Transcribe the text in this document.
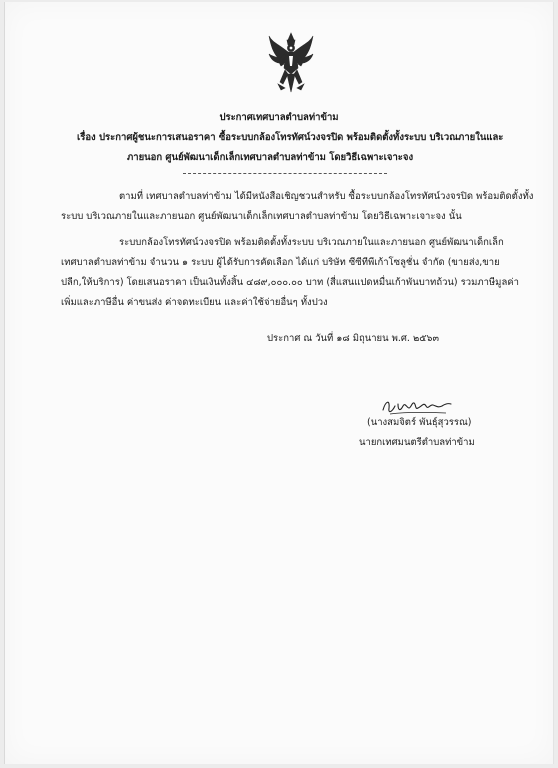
ประกาศเทศบาลตำบลท่าข้าม
เรื่อง ประกาศผู้ชนะการเสนอราคา ซื้อระบบกล้องโทรทัศน์วงจรปิด พร้อมติดตั้งทั้งระบบ บริเวณภายในและ
ภายนอก ศูนย์พัฒนาเด็กเล็กเทศบาลตำบลท่าข้าม โดยวิธีเฉพาะเจาะจง
ตามที่ เทศบาลตำบลท่าข้าม ได้มีหนังสือเชิญชวนสำหรับ ซื้อระบบกล้องโทรทัศน์วงจรปิด พร้อมติดตั้งทั้ง
ระบบ บริเวณภายในและภายนอก ศูนย์พัฒนาเด็กเล็กเทศบาลตำบลท่าข้าม โดยวิธีเฉพาะเจาะจง นั้น
ระบบกล้องโทรทัศน์วงจรปิด พร้อมติดตั้งทั้งระบบ บริเวณภายในและภายนอก ศูนย์พัฒนาเด็กเล็ก
เทศบาลตำบลท่าข้าม จำนวน ๑ ระบบ ผู้ได้รับการคัดเลือก ได้แก่ บริษัท ซีซีทีพีเก้าโซลูชั่น จำกัด (ขายส่ง,ขาย
ปลีก,ให้บริการ) โดยเสนอราคา เป็นเงินทั้งสิ้น ๔๘๙,๐๐๐.๐๐ บาท (สี่แสนแปดหมื่นเก้าพันบาทถ้วน) รวมภาษีมูลค่า
เพิ่มและภาษีอื่น ค่าขนส่ง ค่าจดทะเบียน และค่าใช้จ่ายอื่นๆ ทั้งปวง
ประกาศ ณ วันที่ ๑๘ มิถุนายน พ.ศ. ๒๕๖๓
(นางสมจิตร์ พันธุ์สุวรรณ)
นายกเทศมนตรีตำบลท่าข้าม
